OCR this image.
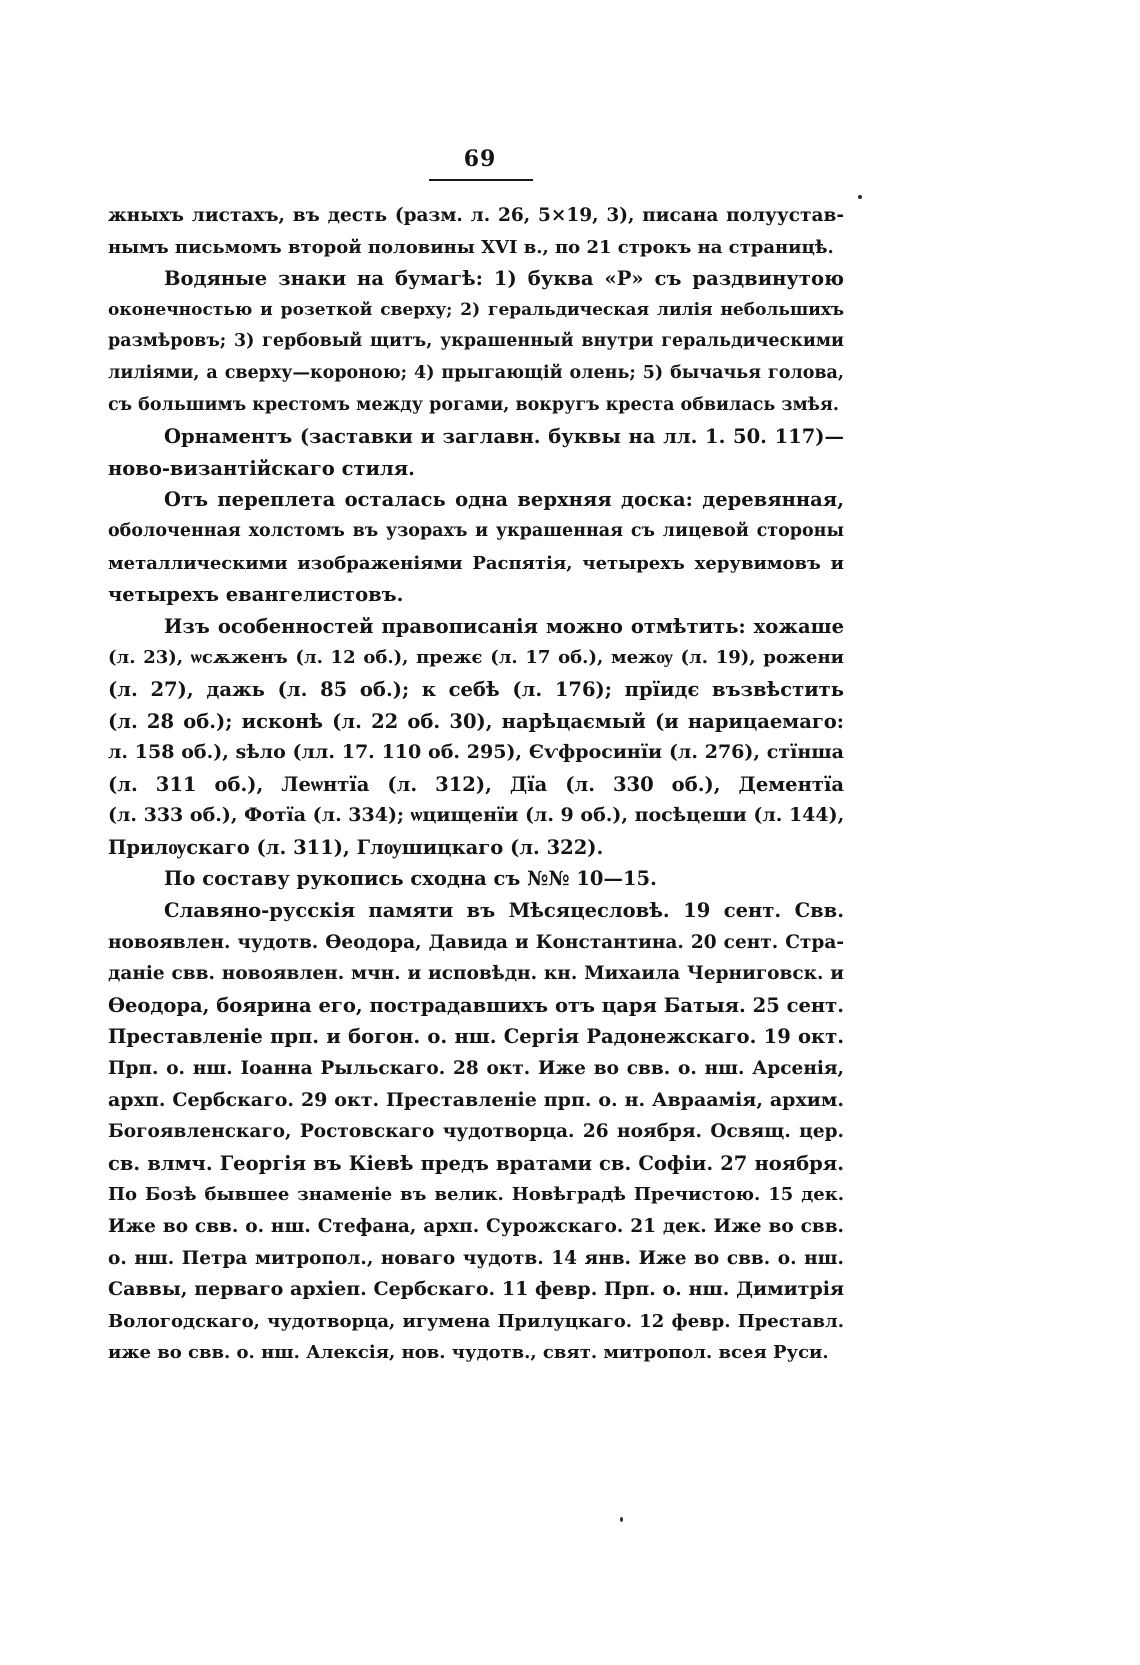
69
жныхъ листахъ, въ десть (разм. л. 26, 5×19, 3), писана полуустав-
нымъ письмомъ второй половины XVI в., по 21 строкъ на страницѣ.
Водяные знаки на бумагѣ: 1) буква «Р» съ раздвинутою
оконечностью и розеткой сверху; 2) геральдическая лилія небольшихъ
размѣровъ; 3) гербовый щитъ, украшенный внутри геральдическими
лиліями, а сверху—короною; 4) прыгающій олень; 5) бычачья голова,
съ большимъ крестомъ между рогами, вокругъ креста обвилась змѣя.
Орнаментъ (заставки и заглавн. буквы на лл. 1. 50. 117)—
ново-византійскаго стиля.
Отъ переплета осталась одна верхняя доска: деревянная,
оболоченная холстомъ въ узорахъ и украшенная съ лицевой стороны
металлическими изображеніями Распятія, четырехъ херувимовъ и
четырехъ евангелистовъ.
Изъ особенностей правописанія можно отмѣтить: хожаше
(л. 23), ѡсѫженъ (л. 12 об.), прежє (л. 17 об.), межѹ (л. 19), рожени
(л. 27), дажь (л. 85 об.); к себѣ (л. 176); прїидє възвѣстить
(л. 28 об.); исконѣ (л. 22 об. 30), нарѣцаємый (и нарицаемаго:
л. 158 об.), ѕѣло (лл. 17. 110 об. 295), Єѵфросинїи (л. 276), стїнша
(л. 311 об.), Леѡнтїа (л. 312), Дїа (л. 330 об.), Дементїа
(л. 333 об.), Фотїа (л. 334); ѡцищенїи (л. 9 об.), посѣцеши (л. 144),
Прилѹскаго (л. 311), Глѹшицкаго (л. 322).
По составу рукопись сходна съ №№ 10—15.
Славяно-русскія памяти въ Мѣсяцесловѣ. 19 сент. Свв.
новоявлен. чудотв. Ѳеодора, Давида и Константина. 20 сент. Стра-
даніе свв. новоявлен. мчн. и исповѣдн. кн. Михаила Черниговск. и
Ѳеодора, боярина его, пострадавшихъ отъ царя Батыя. 25 сент.
Преставленіе прп. и богон. о. нш. Сергія Радонежскаго. 19 окт.
Прп. о. нш. Іоанна Рыльскаго. 28 окт. Иже во свв. о. нш. Арсенія,
архп. Сербскаго. 29 окт. Преставленіе прп. о. н. Авраамія, архим.
Богоявленскаго, Ростовскаго чудотворца. 26 ноября. Освящ. цер.
св. влмч. Георгія въ Кіевѣ предъ вратами св. Софіи. 27 ноября.
По Бозѣ бывшее знаменіе въ велик. Новѣградѣ Пречистою. 15 дек.
Иже во свв. о. нш. Стефана, архп. Сурожскаго. 21 дек. Иже во свв.
о. нш. Петра митропол., новаго чудотв. 14 янв. Иже во свв. о. нш.
Саввы, перваго архіеп. Сербскаго. 11 февр. Прп. о. нш. Димитрія
Вологодскаго, чудотворца, игумена Прилуцкаго. 12 февр. Преставл.
иже во свв. о. нш. Алексія, нов. чудотв., свят. митропол. всея Руси.
